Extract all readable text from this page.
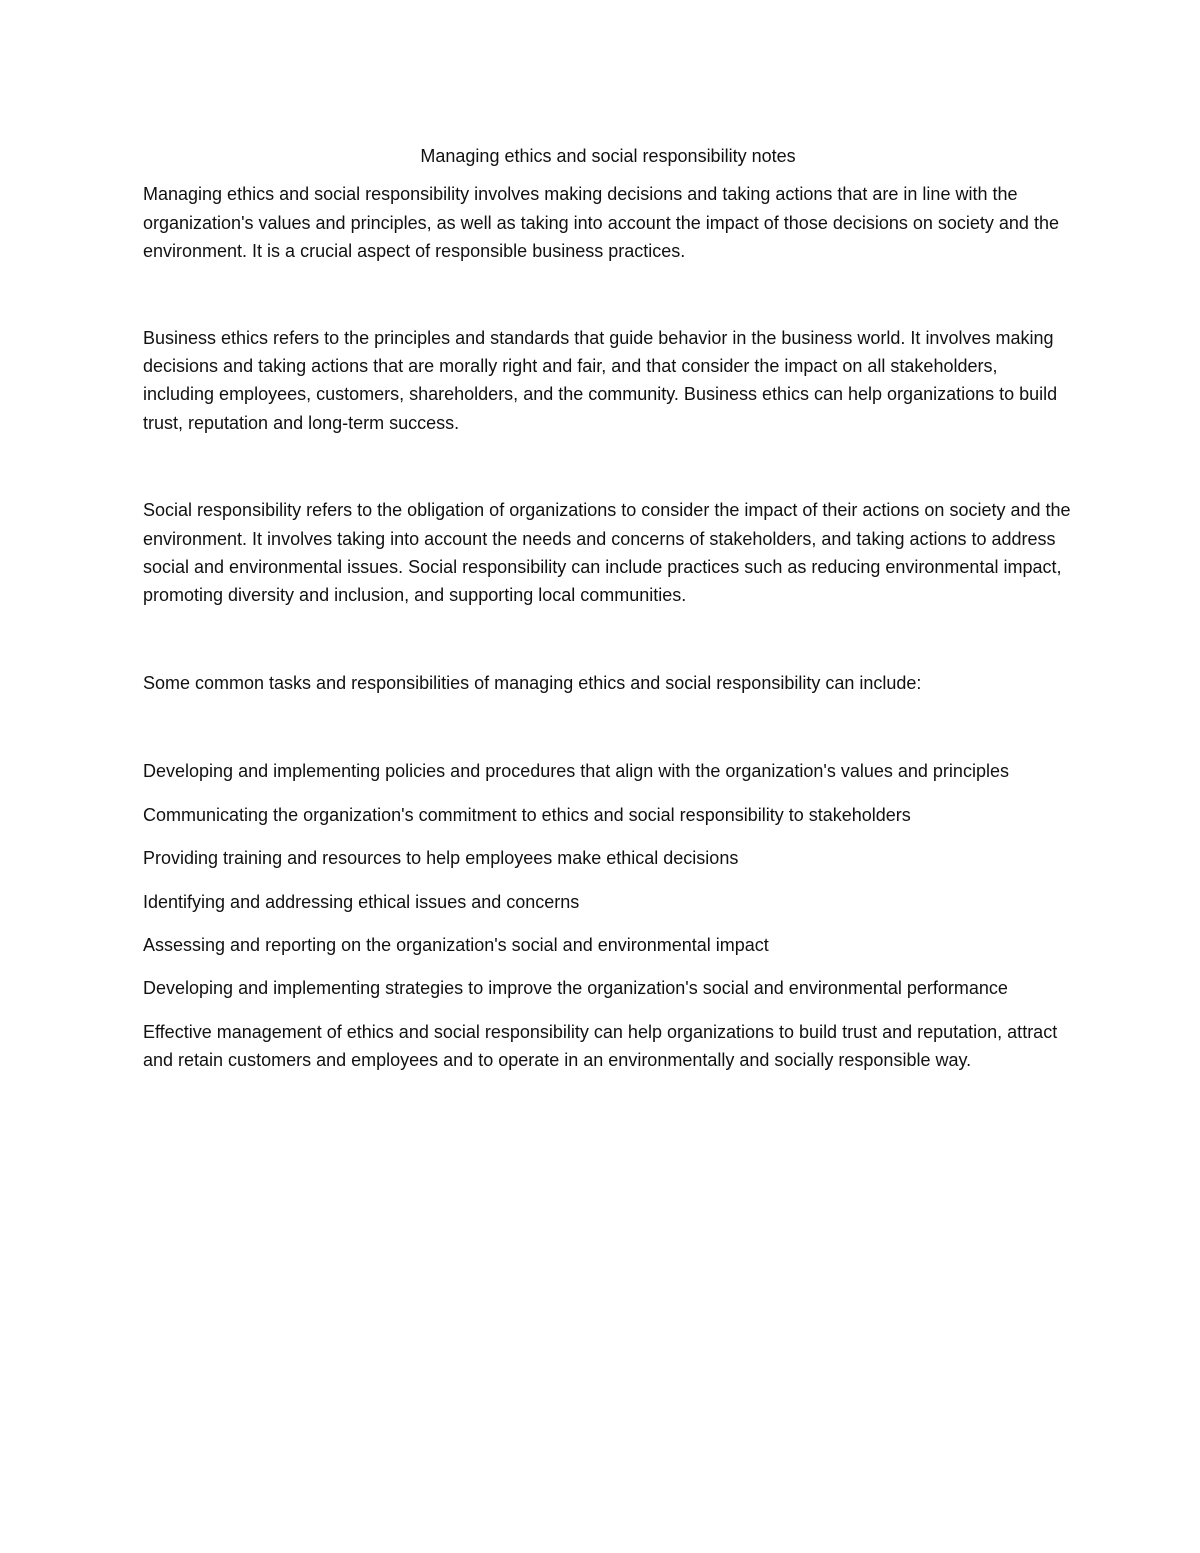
Managing ethics and social responsibility notes

Managing ethics and social responsibility involves making decisions and taking actions that are in line with the organization's values and principles, as well as taking into account the impact of those decisions on society and the environment. It is a crucial aspect of responsible business practices.

Business ethics refers to the principles and standards that guide behavior in the business world. It involves making decisions and taking actions that are morally right and fair, and that consider the impact on all stakeholders, including employees, customers, shareholders, and the community. Business ethics can help organizations to build trust, reputation and long-term success.

Social responsibility refers to the obligation of organizations to consider the impact of their actions on society and the environment. It involves taking into account the needs and concerns of stakeholders, and taking actions to address social and environmental issues. Social responsibility can include practices such as reducing environmental impact, promoting diversity and inclusion, and supporting local communities.

Some common tasks and responsibilities of managing ethics and social responsibility can include:

Developing and implementing policies and procedures that align with the organization's values and principles

Communicating the organization's commitment to ethics and social responsibility to stakeholders

Providing training and resources to help employees make ethical decisions

Identifying and addressing ethical issues and concerns

Assessing and reporting on the organization's social and environmental impact

Developing and implementing strategies to improve the organization's social and environmental performance

Effective management of ethics and social responsibility can help organizations to build trust and reputation, attract and retain customers and employees and to operate in an environmentally and socially responsible way.
